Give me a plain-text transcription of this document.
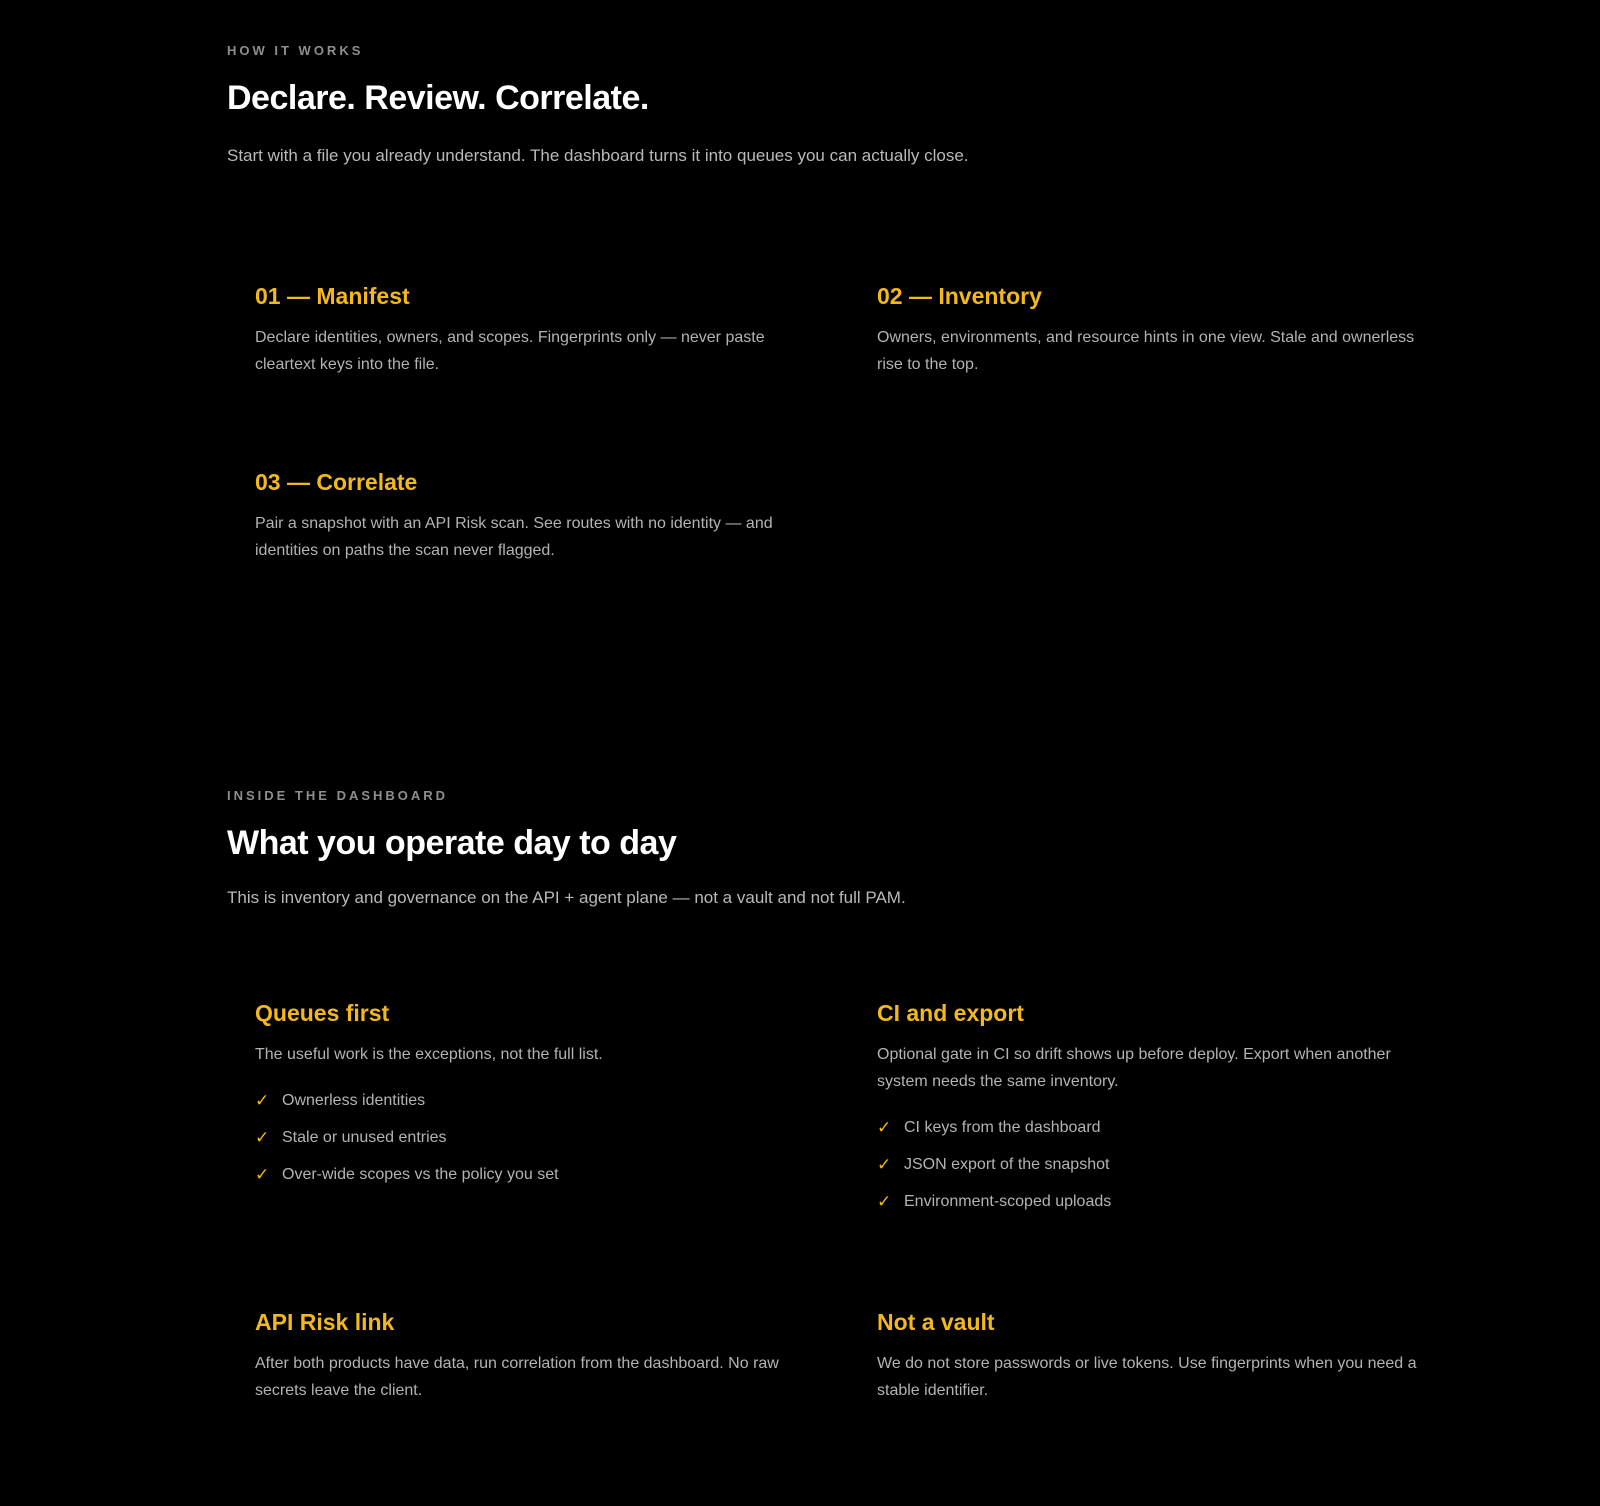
HOW IT WORKS

Declare. Review. Correlate.

Start with a file you already understand. The dashboard turns it into queues you can actually close.

01 — Manifest

Declare identities, owners, and scopes. Fingerprints only — never paste cleartext keys into the file.

02 — Inventory

Owners, environments, and resource hints in one view. Stale and ownerless rise to the top.

03 — Correlate

Pair a snapshot with an API Risk scan. See routes with no identity — and identities on paths the scan never flagged.

INSIDE THE DASHBOARD

What you operate day to day

This is inventory and governance on the API + agent plane — not a vault and not full PAM.

Queues first

The useful work is the exceptions, not the full list.

✓ Ownerless identities
✓ Stale or unused entries
✓ Over-wide scopes vs the policy you set
CI and export

Optional gate in CI so drift shows up before deploy. Export when another system needs the same inventory.

✓ CI keys from the dashboard
✓ JSON export of the snapshot
✓ Environment-scoped uploads
API Risk link

After both products have data, run correlation from the dashboard. No raw secrets leave the client.

Not a vault

We do not store passwords or live tokens. Use fingerprints when you need a stable identifier.
